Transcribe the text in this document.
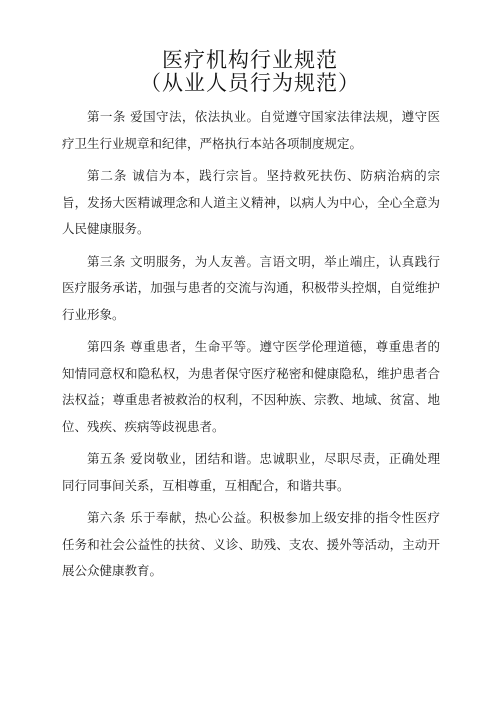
医疗机构行业规范
（从业人员行为规范）

第一条 爱国守法，依法执业。自觉遵守国家法律法规，遵守医疗卫生行业规章和纪律，严格执行本站各项制度规定。

第二条 诚信为本，践行宗旨。坚持救死扶伤、防病治病的宗旨，发扬大医精诚理念和人道主义精神，以病人为中心，全心全意为人民健康服务。

第三条 文明服务，为人友善。言语文明，举止端庄，认真践行医疗服务承诺，加强与患者的交流与沟通，积极带头控烟，自觉维护行业形象。

第四条 尊重患者，生命平等。遵守医学伦理道德，尊重患者的知情同意权和隐私权，为患者保守医疗秘密和健康隐私，维护患者合法权益；尊重患者被救治的权利，不因种族、宗教、地域、贫富、地位、残疾、疾病等歧视患者。

第五条 爱岗敬业，团结和谐。忠诚职业，尽职尽责，正确处理同行同事间关系，互相尊重，互相配合，和谐共事。

第六条 乐于奉献，热心公益。积极参加上级安排的指令性医疗任务和社会公益性的扶贫、义诊、助残、支农、援外等活动，主动开展公众健康教育。
